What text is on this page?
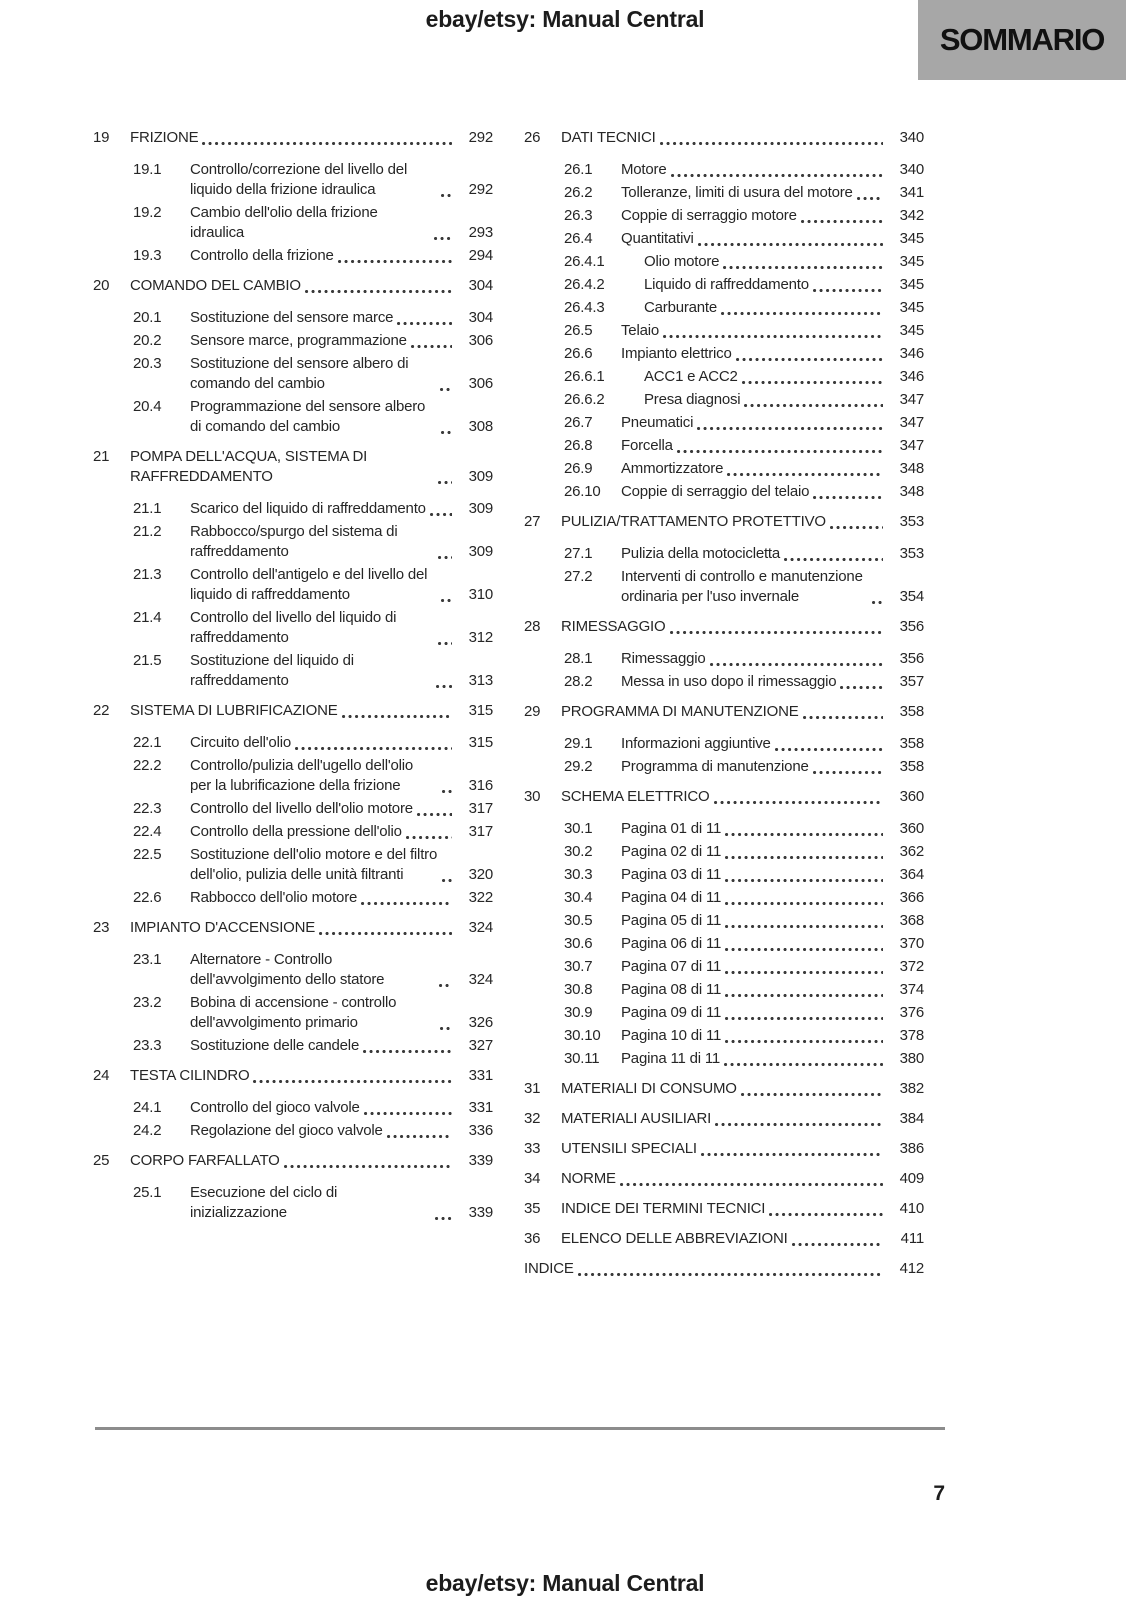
ebay/etsy: Manual Central
SOMMARIO
19	FRIZIONE	292
19.1	Controllo/correzione del livello del liquido della frizione idraulica	292
19.2	Cambio dell'olio della frizione idraulica	293
19.3	Controllo della frizione	294
20	COMANDO DEL CAMBIO	304
20.1	Sostituzione del sensore marce	304
20.2	Sensore marce, programmazione	306
20.3	Sostituzione del sensore albero di comando del cambio	306
20.4	Programmazione del sensore albero di comando del cambio	308
21	POMPA DELL'ACQUA, SISTEMA DI RAFFREDDAMENTO	309
21.1	Scarico del liquido di raffreddamento	309
21.2	Rabbocco/spurgo del sistema di raffreddamento	309
21.3	Controllo dell'antigelo e del livello del liquido di raffreddamento	310
21.4	Controllo del livello del liquido di raffreddamento	312
21.5	Sostituzione del liquido di raffreddamento	313
22	SISTEMA DI LUBRIFICAZIONE	315
22.1	Circuito dell'olio	315
22.2	Controllo/pulizia dell'ugello dell'olio per la lubrificazione della frizione	316
22.3	Controllo del livello dell'olio motore	317
22.4	Controllo della pressione dell'olio	317
22.5	Sostituzione dell'olio motore e del filtro dell'olio, pulizia delle unità filtranti	320
22.6	Rabbocco dell'olio motore	322
23	IMPIANTO D'ACCENSIONE	324
23.1	Alternatore - Controllo dell'avvolgimento dello statore	324
23.2	Bobina di accensione - controllo dell'avvolgimento primario	326
23.3	Sostituzione delle candele	327
24	TESTA CILINDRO	331
24.1	Controllo del gioco valvole	331
24.2	Regolazione del gioco valvole	336
25	CORPO FARFALLATO	339
25.1	Esecuzione del ciclo di inizializzazione	339
26	DATI TECNICI	340
26.1	Motore	340
26.2	Tolleranze, limiti di usura del motore	341
26.3	Coppie di serraggio motore	342
26.4	Quantitativi	345
26.4.1	Olio motore	345
26.4.2	Liquido di raffreddamento	345
26.4.3	Carburante	345
26.5	Telaio	345
26.6	Impianto elettrico	346
26.6.1	ACC1 e ACC2	346
26.6.2	Presa diagnosi	347
26.7	Pneumatici	347
26.8	Forcella	347
26.9	Ammortizzatore	348
26.10	Coppie di serraggio del telaio	348
27	PULIZIA/TRATTAMENTO PROTETTIVO	353
27.1	Pulizia della motocicletta	353
27.2	Interventi di controllo e manutenzione ordinaria per l'uso invernale	354
28	RIMESSAGGIO	356
28.1	Rimessaggio	356
28.2	Messa in uso dopo il rimessaggio	357
29	PROGRAMMA DI MANUTENZIONE	358
29.1	Informazioni aggiuntive	358
29.2	Programma di manutenzione	358
30	SCHEMA ELETTRICO	360
30.1	Pagina 01 di 11	360
30.2	Pagina 02 di 11	362
30.3	Pagina 03 di 11	364
30.4	Pagina 04 di 11	366
30.5	Pagina 05 di 11	368
30.6	Pagina 06 di 11	370
30.7	Pagina 07 di 11	372
30.8	Pagina 08 di 11	374
30.9	Pagina 09 di 11	376
30.10	Pagina 10 di 11	378
30.11	Pagina 11 di 11	380
31	MATERIALI DI CONSUMO	382
32	MATERIALI AUSILIARI	384
33	UTENSILI SPECIALI	386
34	NORME	409
35	INDICE DEI TERMINI TECNICI	410
36	ELENCO DELLE ABBREVIAZIONI	411
INDICE	412
7
ebay/etsy: Manual Central
